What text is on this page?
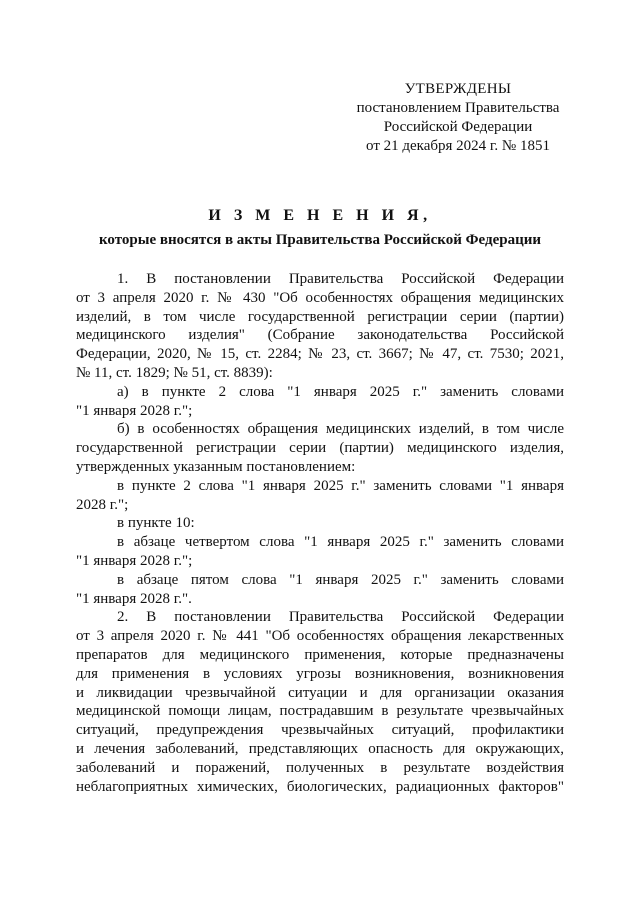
УТВЕРЖДЕНЫ
постановлением Правительства
Российской Федерации
от 21 декабря 2024 г. № 1851
И З М Е Н Е Н И Я,
которые вносятся в акты Правительства Российской Федерации

1. В постановлении Правительства Российской Федерации

от 3 апреля 2020 г. № 430 "Об особенностях обращения медицинских

изделий, в том числе государственной регистрации серии (партии)

медицинского изделия" (Собрание законодательства Российской

Федерации, 2020, № 15, ст. 2284; № 23, ст. 3667; № 47, ст. 7530; 2021,

№ 11, ст. 1829; № 51, ст. 8839):

а) в пункте 2 слова "1 января 2025 г." заменить словами

"1 января 2028 г.";

б) в особенностях обращения медицинских изделий, в том числе

государственной регистрации серии (партии) медицинского изделия,

утвержденных указанным постановлением:

в пункте 2 слова "1 января 2025 г." заменить словами "1 января

2028 г.";

в пункте 10:

в абзаце четвертом слова "1 января 2025 г." заменить словами

"1 января 2028 г.";

в абзаце пятом слова "1 января 2025 г." заменить словами

"1 января 2028 г.".

2. В постановлении Правительства Российской Федерации

от 3 апреля 2020 г. № 441 "Об особенностях обращения лекарственных

препаратов для медицинского применения, которые предназначены

для применения в условиях угрозы возникновения, возникновения

и ликвидации чрезвычайной ситуации и для организации оказания

медицинской помощи лицам, пострадавшим в результате чрезвычайных

ситуаций, предупреждения чрезвычайных ситуаций, профилактики

и лечения заболеваний, представляющих опасность для окружающих,

заболеваний и поражений, полученных в результате воздействия

неблагоприятных химических, биологических, радиационных факторов"
